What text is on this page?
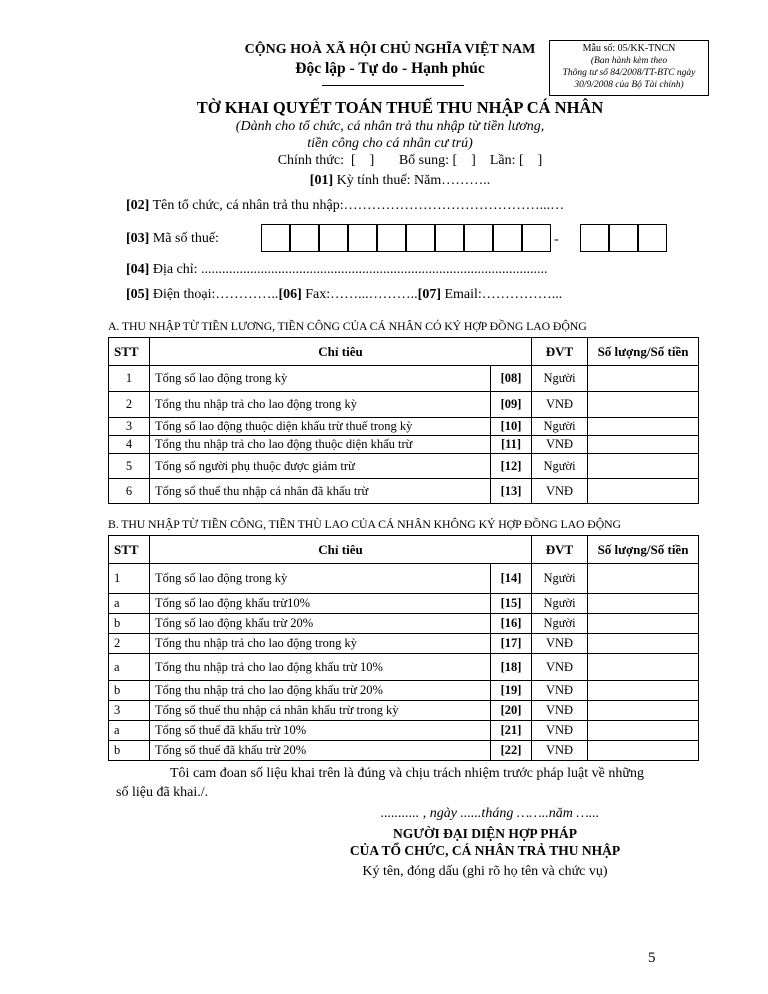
CỘNG HOÀ XÃ HỘI CHỦ NGHĨA VIỆT NAM
Độc lập - Tự do - Hạnh phúc
Mẫu số: 05/KK-TNCN
(Ban hành kèm theo
Thông tư số 84/2008/TT-BTC ngày
30/9/2008 của Bộ Tài chính)
TỜ KHAI QUYẾT TOÁN THUẾ THU NHẬP CÁ NHÂN
(Dành cho tổ chức, cá nhân trả thu nhập từ tiền lương,
tiền công cho cá nhân cư trú)
Chính thức:  [    ]       Bổ sung: [    ]    Lần: [    ]
[01] Kỳ tính thuế: Năm………..
[02] Tên tổ chức, cá nhân trả thu nhập:……………………………………...…
[03] Mã số thuế:	-
[04] Địa chỉ: ...................................................................................................
[05] Điện thoại:…………..[06] Fax:……...………..[07] Email:……………...
A. THU NHẬP TỪ TIỀN LƯƠNG, TIỀN CÔNG CỦA CÁ NHÂN CÓ KÝ HỢP ĐỒNG LAO ĐỘNG
STT	Chỉ tiêu		ĐVT	Số lượng/Số tiền
1	Tổng số lao động trong kỳ	[08]	Người	
2	Tổng thu nhập trả cho lao động trong kỳ	[09]	VNĐ	
3	Tổng số lao động thuộc diện khấu trừ thuế trong kỳ	[10]	Người	
4	Tổng thu nhập trả cho lao động thuộc diện khấu trừ	[11]	VNĐ	
5	Tổng số người phụ thuộc được giảm trừ	[12]	Người	
6	Tổng số thuế thu nhập cá nhân đã khấu trừ	[13]	VNĐ	
B. THU NHẬP TỪ TIỀN CÔNG, TIỀN THÙ LAO CỦA CÁ NHÂN KHÔNG KÝ HỢP ĐỒNG LAO ĐỘNG
STT	Chỉ tiêu		ĐVT	Số lượng/Số tiền
1	Tổng số lao động trong kỳ	[14]	Người	
a	Tổng số lao động khấu trừ10%	[15]	Người	
b	Tổng số lao động khấu trừ 20%	[16]	Người	
2	Tổng thu nhập trả cho lao động trong kỳ	[17]	VNĐ	
a	Tổng thu nhập trả cho lao động khấu trừ 10%	[18]	VNĐ	
b	Tổng thu nhập trả cho lao động khấu trừ 20%	[19]	VNĐ	
3	Tổng số thuế thu nhập cá nhân khấu trừ trong kỳ	[20]	VNĐ	
a	Tổng số thuế đã khấu trừ 10%	[21]	VNĐ	
b	Tổng số thuế đã khấu trừ 20%	[22]	VNĐ	
Tôi cam đoan số liệu khai trên là đúng và chịu trách nhiệm trước pháp luật về những
số liệu đã khai./.
........... , ngày ......tháng ……..năm …...
NGƯỜI ĐẠI DIỆN HỢP PHÁP
CỦA TỔ CHỨC, CÁ NHÂN TRẢ THU NHẬP
Ký tên, đóng dấu (ghi rõ họ tên và chức vụ)
5
